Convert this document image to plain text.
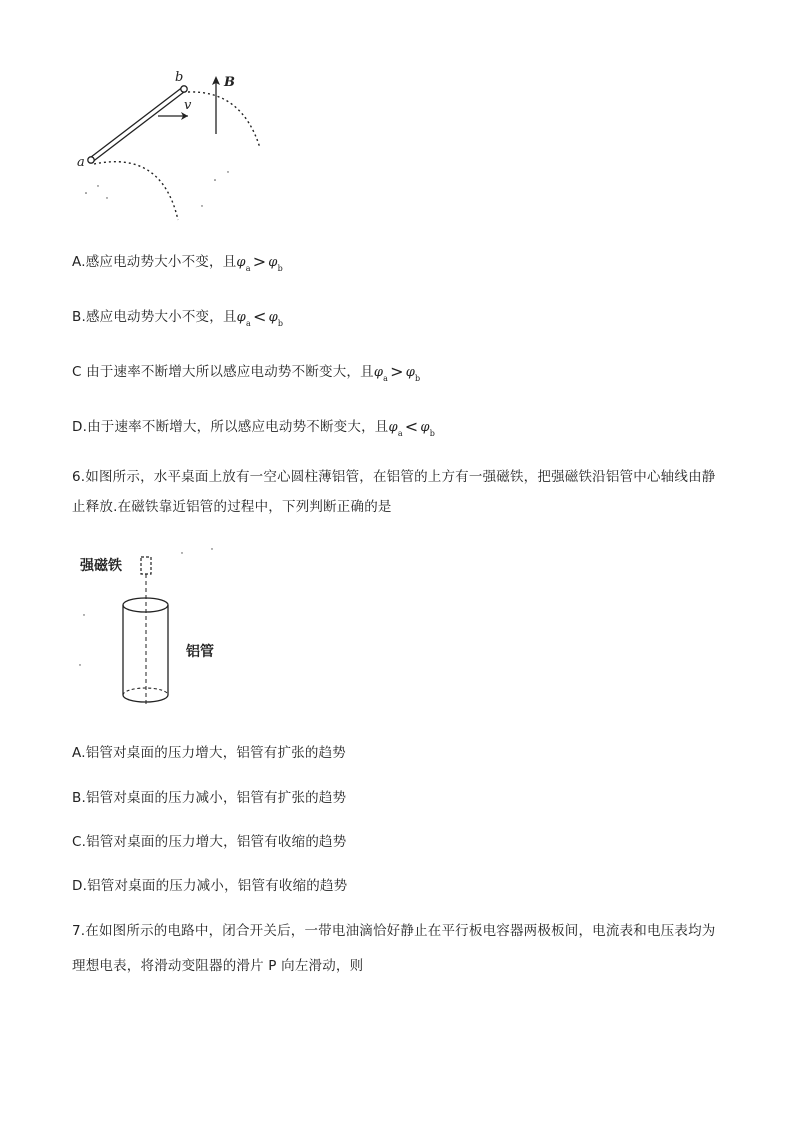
b
a
v
B
A.感应电动势大小不变，且$\varphi_a > \varphi_b$
B.感应电动势大小不变，且$\varphi_a < \varphi_b$
C 由于速率不断增大所以感应电动势不断变大，且$\varphi_a > \varphi_b$
D.由于速率不断增大，所以感应电动势不断变大，且$\varphi_a < \varphi_b$
6.如图所示，水平桌面上放有一空心圆柱薄铝管，在铝管的上方有一强磁铁，把强磁铁沿铝管中心轴线由静
止释放.在磁铁靠近铝管的过程中，下列判断正确的是
强磁铁
铝管
A.铝管对桌面的压力增大，铝管有扩张的趋势
B.铝管对桌面的压力减小，铝管有扩张的趋势
C.铝管对桌面的压力增大，铝管有收缩的趋势
D.铝管对桌面的压力减小，铝管有收缩的趋势
7.在如图所示的电路中，闭合开关后，一带电油滴恰好静止在平行板电容器两极板间，电流表和电压表均为
理想电表，将滑动变阻器的滑片 P 向左滑动，则
